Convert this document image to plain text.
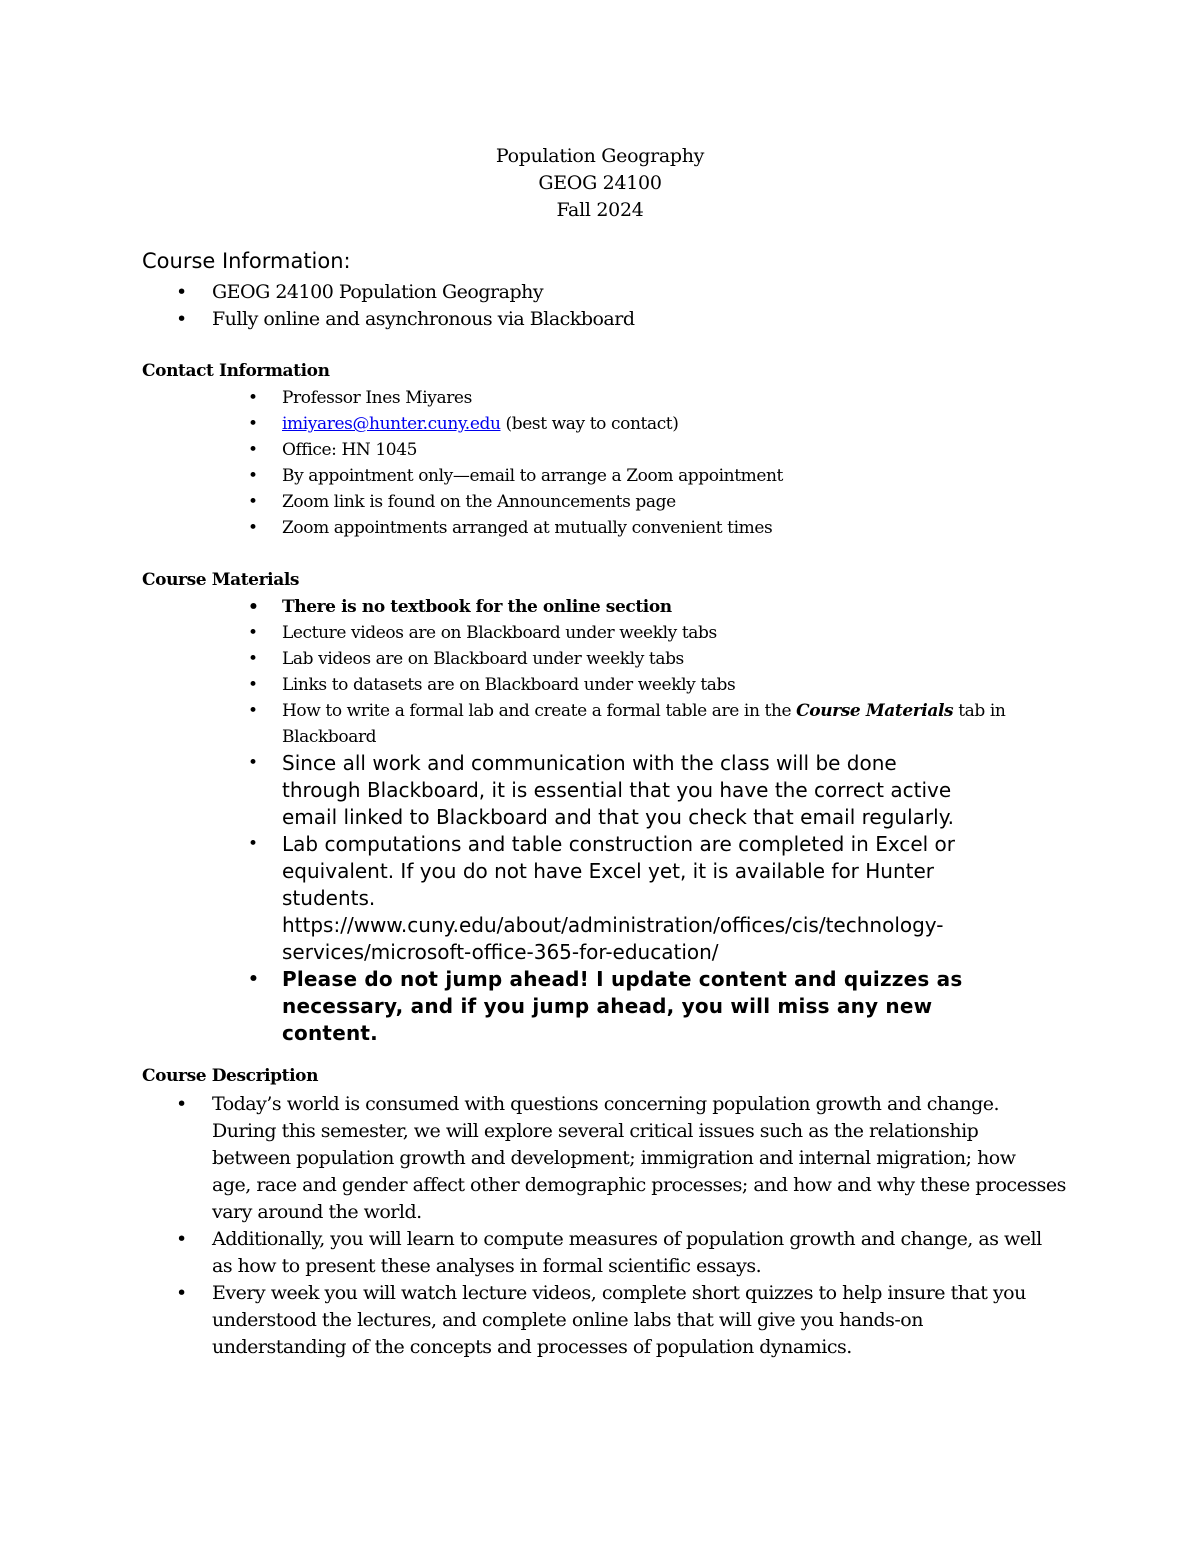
Population Geography
GEOG 24100
Fall 2024
Course Information:
• GEOG 24100 Population Geography
• Fully online and asynchronous via Blackboard
Contact Information
• Professor Ines Miyares
• imiyares@hunter.cuny.edu (best way to contact)
• Office: HN 1045
• By appointment only—email to arrange a Zoom appointment
• Zoom link is found on the Announcements page
• Zoom appointments arranged at mutually convenient times
Course Materials
• There is no textbook for the online section
• Lecture videos are on Blackboard under weekly tabs
• Lab videos are on Blackboard under weekly tabs
• Links to datasets are on Blackboard under weekly tabs
• How to write a formal lab and create a formal table are in the Course Materials tab in
Blackboard
• Since all work and communication with the class will be done
through Blackboard, it is essential that you have the correct active
email linked to Blackboard and that you check that email regularly.
• Lab computations and table construction are completed in Excel or
equivalent. If you do not have Excel yet, it is available for Hunter
students.
https://www.cuny.edu/about/administration/offices/cis/technology-
services/microsoft-office-365-for-education/
• Please do not jump ahead! I update content and quizzes as
necessary, and if you jump ahead, you will miss any new
content.
Course Description
• Today’s world is consumed with questions concerning population growth and change.
During this semester, we will explore several critical issues such as the relationship
between population growth and development; immigration and internal migration; how
age, race and gender affect other demographic processes; and how and why these processes
vary around the world.
• Additionally, you will learn to compute measures of population growth and change, as well
as how to present these analyses in formal scientific essays.
• Every week you will watch lecture videos, complete short quizzes to help insure that you
understood the lectures, and complete online labs that will give you hands-on
understanding of the concepts and processes of population dynamics.
